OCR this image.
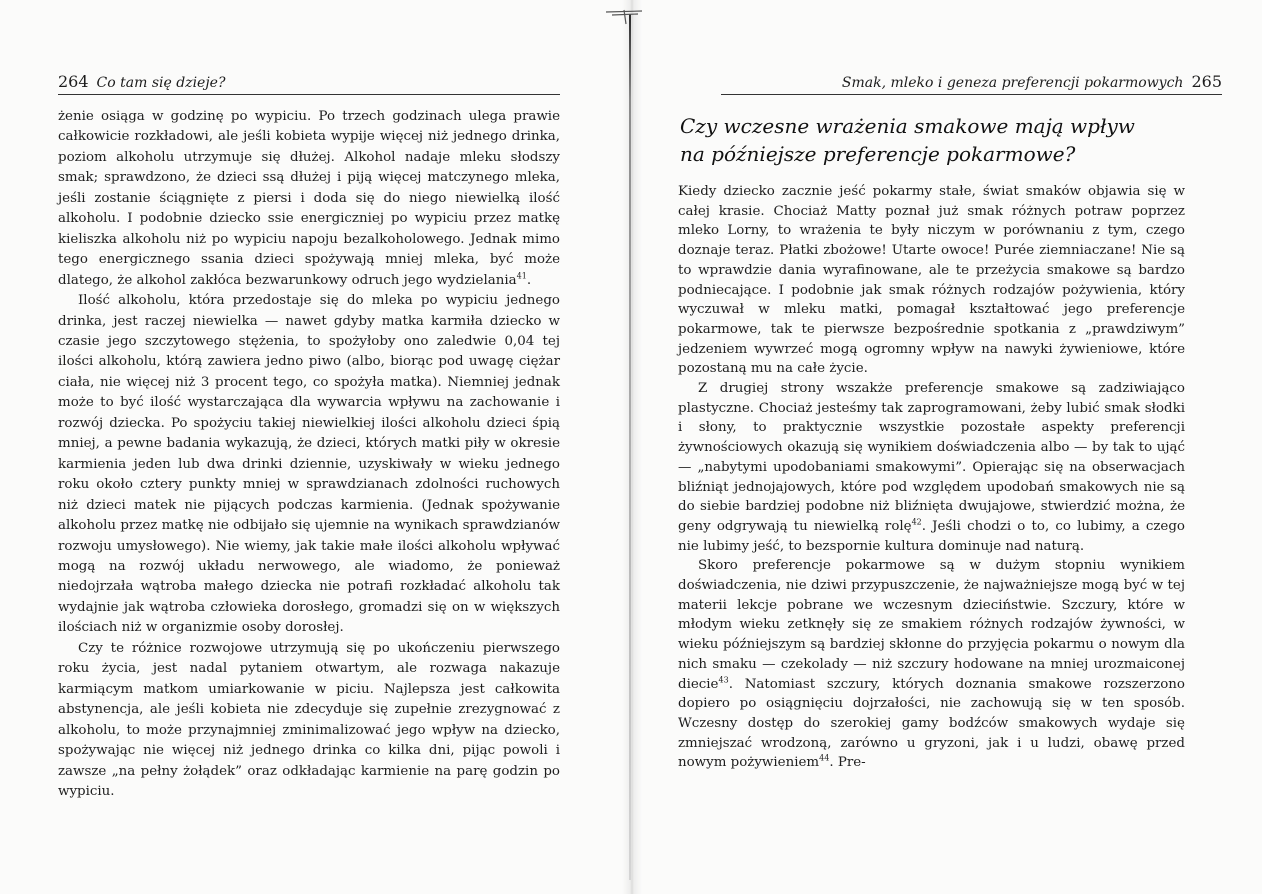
264 Co tam się dzieje?

żenie osiąga w godzinę po wypiciu. Po trzech godzinach ulega prawie całkowicie rozkładowi, ale jeśli kobieta wypije więcej niż jednego drinka, poziom alkoholu utrzymuje się dłużej. Alkohol nadaje mleku słodszy smak; sprawdzono, że dzieci ssą dłużej i piją więcej matczynego mleka, jeśli zostanie ściągnięte z piersi i doda się do niego niewielką ilość alkoholu. I podobnie dziecko ssie energiczniej po wypiciu przez matkę kieliszka alkoholu niż po wypiciu napoju bezalkoholowego. Jednak mimo tego energicznego ssania dzieci spożywają mniej mleka, być może dlatego, że alkohol zakłóca bezwarunkowy odruch jego wydzielania$^{41}$.

Ilość alkoholu, która przedostaje się do mleka po wypiciu jednego drinka, jest raczej niewielka — nawet gdyby matka karmiła dziecko w czasie jego szczytowego stężenia, to spożyłoby ono zaledwie 0,04 tej ilości alkoholu, którą zawiera jedno piwo (albo, biorąc pod uwagę ciężar ciała, nie więcej niż 3 procent tego, co spożyła matka). Niemniej jednak może to być ilość wystarczająca dla wywarcia wpływu na zachowanie i rozwój dziecka. Po spożyciu takiej niewielkiej ilości alkoholu dzieci śpią mniej, a pewne badania wykazują, że dzieci, których matki piły w okresie karmienia jeden lub dwa drinki dziennie, uzyskiwały w wieku jednego roku około cztery punkty mniej w sprawdzianach zdolności ruchowych niż dzieci matek nie pijących podczas karmienia. (Jednak spożywanie alkoholu przez matkę nie odbijało się ujemnie na wynikach sprawdzianów rozwoju umysłowego). Nie wiemy, jak takie małe ilości alkoholu wpływać mogą na rozwój układu nerwowego, ale wiadomo, że ponieważ niedojrzała wątroba małego dziecka nie potrafi rozkładać alkoholu tak wydajnie jak wątroba człowieka dorosłego, gromadzi się on w większych ilościach niż w organizmie osoby dorosłej.

Czy te różnice rozwojowe utrzymują się po ukończeniu pierwszego roku życia, jest nadal pytaniem otwartym, ale rozwaga nakazuje karmiącym matkom umiarkowanie w piciu. Najlepsza jest całkowita abstynencja, ale jeśli kobieta nie zdecyduje się zupełnie zrezygnować z alkoholu, to może przynajmniej zminimalizować jego wpływ na dziecko, spożywając nie więcej niż jednego drinka co kilka dni, pijąc powoli i zawsze „na pełny żołądek” oraz odkładając karmienie na parę godzin po wypiciu.

Smak, mleko i geneza preferencji pokarmowych 265
Czy wczesne wrażenia smakowe mają wpływ na późniejsze preferencje pokarmowe?

Kiedy dziecko zacznie jeść pokarmy stałe, świat smaków objawia się w całej krasie. Chociaż Matty poznał już smak różnych potraw poprzez mleko Lorny, to wrażenia te były niczym w porównaniu z tym, czego doznaje teraz. Płatki zbożowe! Utarte owoce! Purée ziemniaczane! Nie są to wprawdzie dania wyrafinowane, ale te przeżycia smakowe są bardzo podniecające. I podobnie jak smak różnych rodzajów pożywienia, który wyczuwał w mleku matki, pomagał kształtować jego preferencje pokarmowe, tak te pierwsze bezpośrednie spotkania z „prawdziwym” jedzeniem wywrzeć mogą ogromny wpływ na nawyki żywieniowe, które pozostaną mu na całe życie.

Z drugiej strony wszakże preferencje smakowe są zadziwiająco plastyczne. Chociaż jesteśmy tak zaprogramowani, żeby lubić smak słodki i słony, to praktycznie wszystkie pozostałe aspekty preferencji żywnościowych okazują się wynikiem doświadczenia albo — by tak to ująć — „nabytymi upodobaniami smakowymi”. Opierając się na obserwacjach bliźniąt jednojajowych, które pod względem upodobań smakowych nie są do siebie bardziej podobne niż bliźnięta dwujajowe, stwierdzić można, że geny odgrywają tu niewielką rolę$^{42}$. Jeśli chodzi o to, co lubimy, a czego nie lubimy jeść, to bezspornie kultura dominuje nad naturą.

Skoro preferencje pokarmowe są w dużym stopniu wynikiem doświadczenia, nie dziwi przypuszczenie, że najważniejsze mogą być w tej materii lekcje pobrane we wczesnym dzieciństwie. Szczury, które w młodym wieku zetknęły się ze smakiem różnych rodzajów żywności, w wieku późniejszym są bardziej skłonne do przyjęcia pokarmu o nowym dla nich smaku — czekolady — niż szczury hodowane na mniej urozmaiconej diecie$^{43}$. Natomiast szczury, których doznania smakowe rozszerzono dopiero po osiągnięciu dojrzałości, nie zachowują się w ten sposób. Wczesny dostęp do szerokiej gamy bodźców smakowych wydaje się zmniejszać wrodzoną, zarówno u gryzoni, jak i u ludzi, obawę przed nowym pożywieniem$^{44}$. Pre-
